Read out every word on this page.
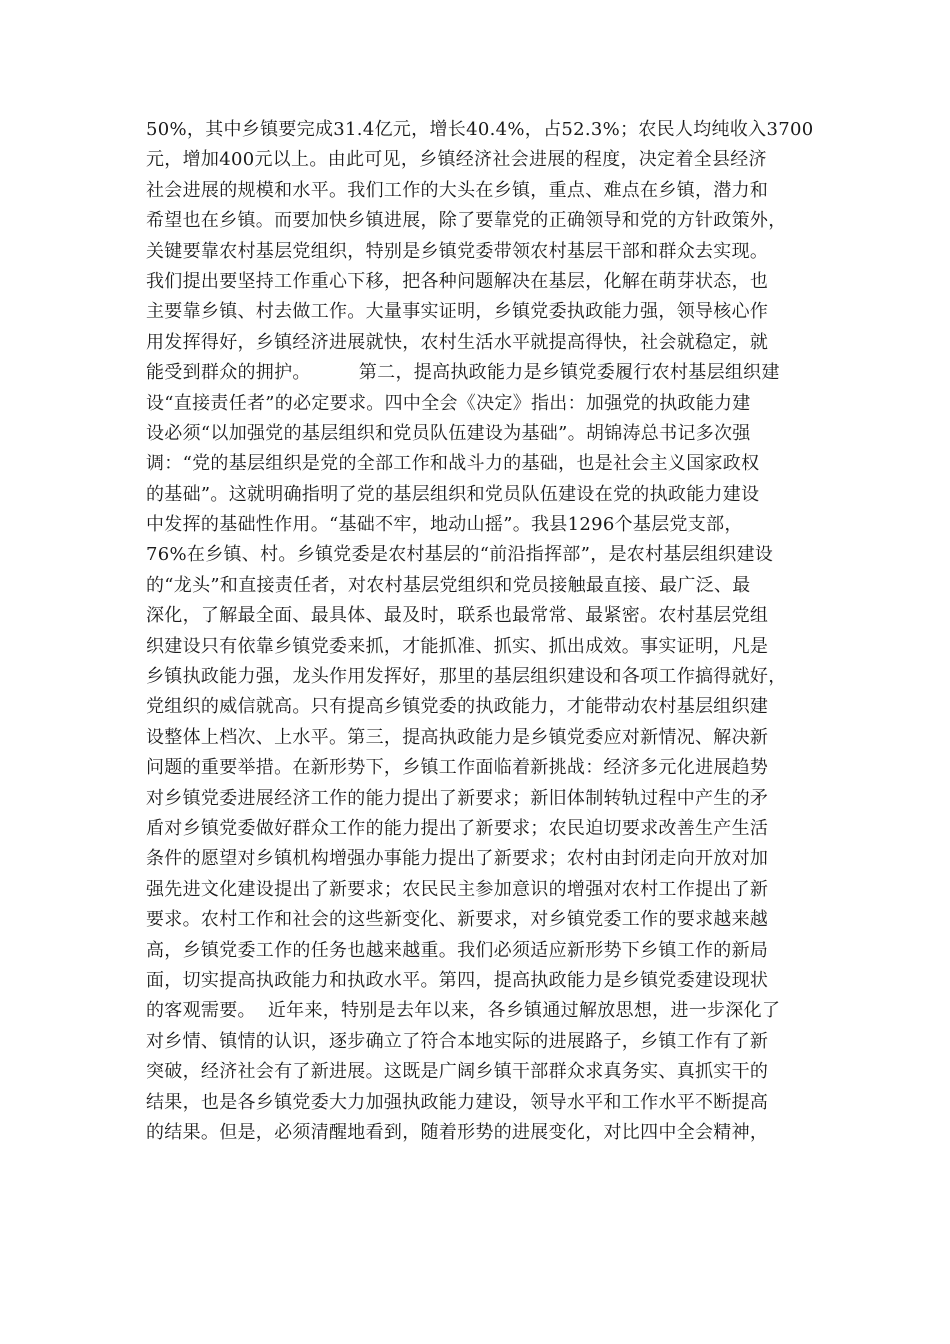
50%，其中乡镇要完成31.4亿元，增长40.4%，占52.3%；农民人均纯收入3700
元，增加400元以上。由此可见，乡镇经济社会进展的程度，决定着全县经济
社会进展的规模和水平。我们工作的大头在乡镇，重点、难点在乡镇，潜力和
希望也在乡镇。而要加快乡镇进展，除了要靠党的正确领导和党的方针政策外，
关键要靠农村基层党组织，特别是乡镇党委带领农村基层干部和群众去实现。
我们提出要坚持工作重心下移，把各种问题解决在基层，化解在萌芽状态，也
主要靠乡镇、村去做工作。大量事实证明，乡镇党委执政能力强，领导核心作
用发挥得好，乡镇经济进展就快，农村生活水平就提高得快，社会就稳定，就
能受到群众的拥护。        第二，提高执政能力是乡镇党委履行农村基层组织建
设“直接责任者”的必定要求。四中全会《决定》指出：加强党的执政能力建
设必须“以加强党的基层组织和党员队伍建设为基础”。胡锦涛总书记多次强
调：“党的基层组织是党的全部工作和战斗力的基础，也是社会主义国家政权
的基础”。这就明确指明了党的基层组织和党员队伍建设在党的执政能力建设
中发挥的基础性作用。“基础不牢，地动山摇”。我县1296个基层党支部，
76%在乡镇、村。乡镇党委是农村基层的“前沿指挥部”，是农村基层组织建设
的“龙头”和直接责任者，对农村基层党组织和党员接触最直接、最广泛、最
深化，了解最全面、最具体、最及时，联系也最常常、最紧密。农村基层党组
织建设只有依靠乡镇党委来抓，才能抓准、抓实、抓出成效。事实证明，凡是
乡镇执政能力强，龙头作用发挥好，那里的基层组织建设和各项工作搞得就好，
党组织的威信就高。只有提高乡镇党委的执政能力，才能带动农村基层组织建
设整体上档次、上水平。第三，提高执政能力是乡镇党委应对新情况、解决新
问题的重要举措。在新形势下，乡镇工作面临着新挑战：经济多元化进展趋势
对乡镇党委进展经济工作的能力提出了新要求；新旧体制转轨过程中产生的矛
盾对乡镇党委做好群众工作的能力提出了新要求；农民迫切要求改善生产生活
条件的愿望对乡镇机构增强办事能力提出了新要求；农村由封闭走向开放对加
强先进文化建设提出了新要求；农民民主参加意识的增强对农村工作提出了新
要求。农村工作和社会的这些新变化、新要求，对乡镇党委工作的要求越来越
高，乡镇党委工作的任务也越来越重。我们必须适应新形势下乡镇工作的新局
面，切实提高执政能力和执政水平。第四，提高执政能力是乡镇党委建设现状
的客观需要。  近年来，特别是去年以来，各乡镇通过解放思想，进一步深化了
对乡情、镇情的认识，逐步确立了符合本地实际的进展路子，乡镇工作有了新
突破，经济社会有了新进展。这既是广阔乡镇干部群众求真务实、真抓实干的
结果，也是各乡镇党委大力加强执政能力建设，领导水平和工作水平不断提高
的结果。但是，必须清醒地看到，随着形势的进展变化，对比四中全会精神，
